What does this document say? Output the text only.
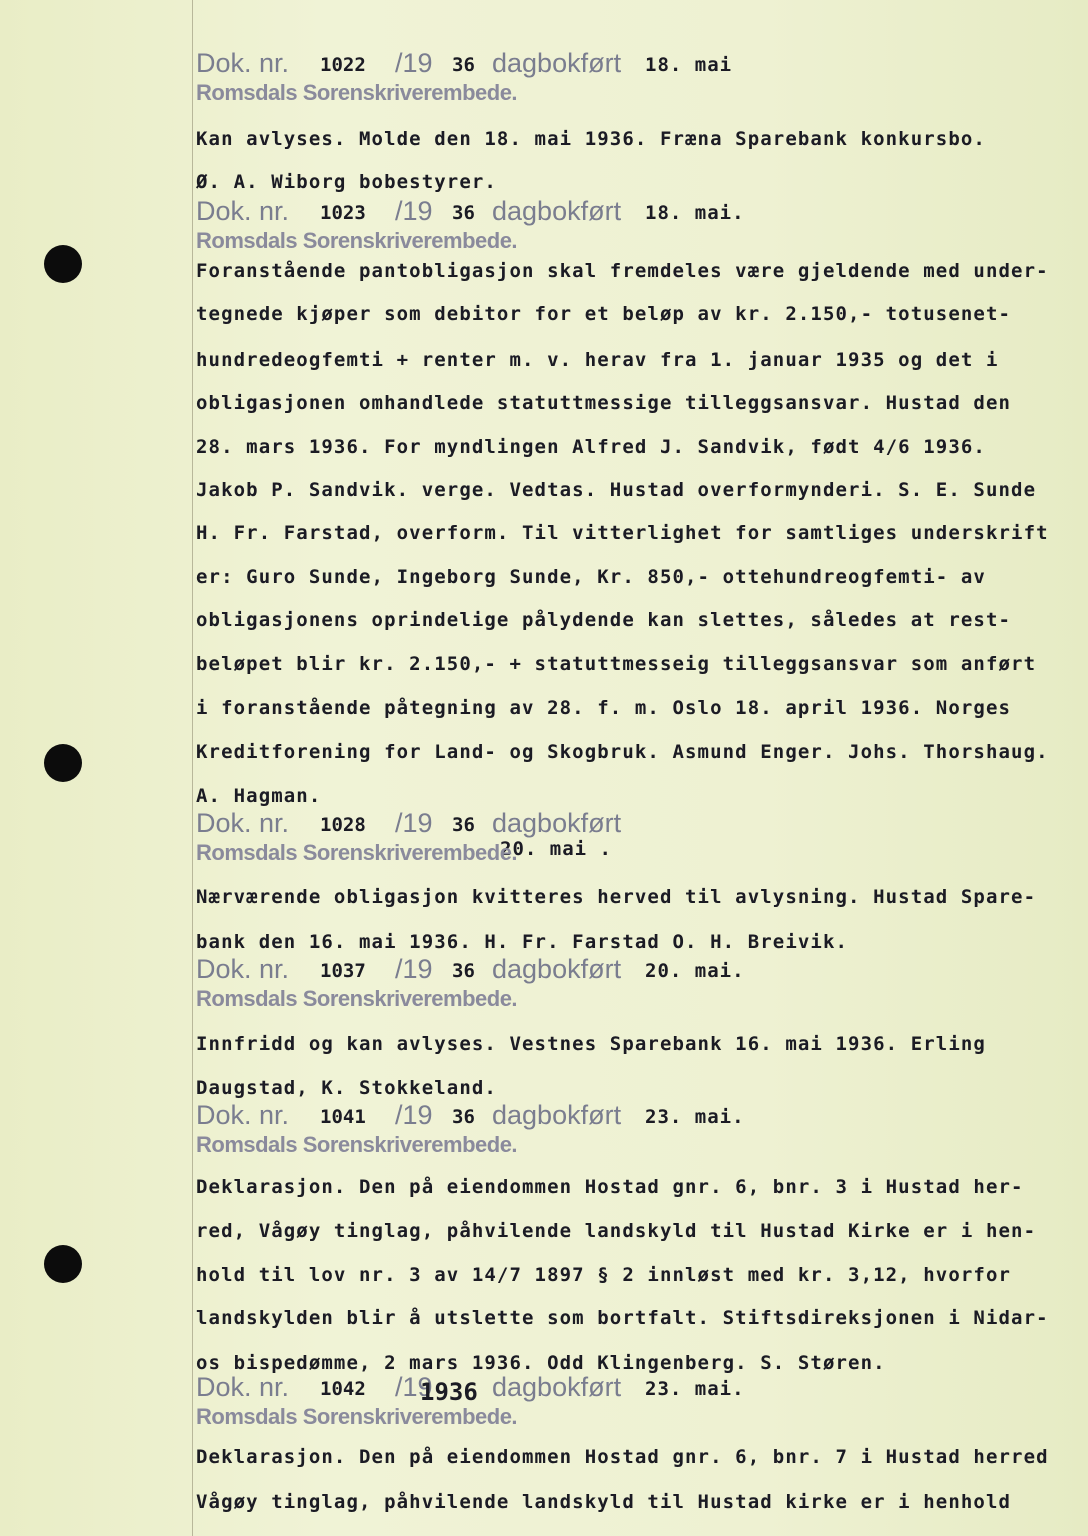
Dok. nr. 1022 /19 36 dagbokført 18. mai
Romsdals Sorenskriverembede.
Kan avlyses. Molde den 18. mai 1936. Fræna Sparebank konkursbo.
Ø. A. Wiborg bobestyrer.
Dok. nr. 1023 /19 36 dagbokført 18. mai.
Romsdals Sorenskriverembede.
Foranstående pantobligasjon skal fremdeles være gjeldende med under-
tegnede kjøper som debitor for et beløp av kr. 2.150,- totusenet-
hundredeogfemti + renter m. v. herav fra 1. januar 1935 og det i
obligasjonen omhandlede statuttmessige tilleggsansvar. Hustad den
28. mars 1936. For myndlingen Alfred J. Sandvik, født 4/6 1936.
Jakob P. Sandvik. verge. Vedtas. Hustad overformynderi. S. E. Sunde
H. Fr. Farstad, overform. Til vitterlighet for samtliges underskrift
er: Guro Sunde, Ingeborg Sunde, Kr. 850,- ottehundreogfemti- av
obligasjonens oprindelige pålydende kan slettes, således at rest-
beløpet blir kr. 2.150,- + statuttmesseig tilleggsansvar som anført
i foranstående påtegning av 28. f. m. Oslo 18. april 1936. Norges
Kreditforening for Land- og Skogbruk. Asmund Enger. Johs. Thorshaug.
A. Hagman.
Dok. nr. 1028 /19 36 dagbokført
20. mai .
Romsdals Sorenskriverembede.
Nærværende obligasjon kvitteres herved til avlysning. Hustad Spare-
bank den 16. mai 1936. H. Fr. Farstad O. H. Breivik.
Dok. nr. 1037 /19 36 dagbokført 20. mai.
Romsdals Sorenskriverembede.
Innfridd og kan avlyses. Vestnes Sparebank 16. mai 1936. Erling
Daugstad, K. Stokkeland.
Dok. nr. 1041 /19 36 dagbokført 23. mai.
Romsdals Sorenskriverembede.
Deklarasjon. Den på eiendommen Hostad gnr. 6, bnr. 3 i Hustad her-
red, Vågøy tinglag, påhvilende landskyld til Hustad Kirke er i hen-
hold til lov nr. 3 av 14/7 1897 § 2 innløst med kr. 3,12, hvorfor
landskylden blir å utslette som bortfalt. Stiftsdireksjonen i Nidar-
os bispedømme, 2 mars 1936. Odd Klingenberg. S. Støren.
Dok. nr. 1042 /19
1936 dagbokført 23. mai.
Romsdals Sorenskriverembede.
Deklarasjon. Den på eiendommen Hostad gnr. 6, bnr. 7 i Hustad herred
Vågøy tinglag, påhvilende landskyld til Hustad kirke er i henhold
